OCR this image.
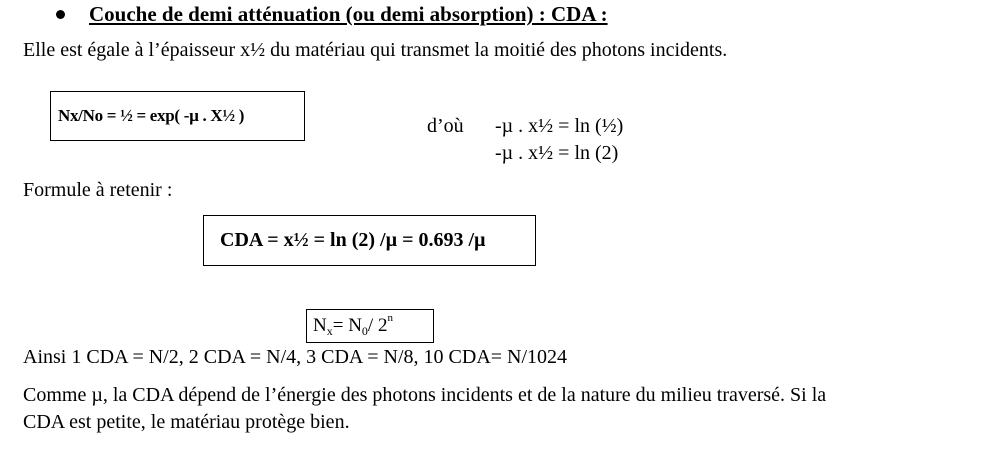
Couche de demi atténuation (ou demi absorption) : CDA :
Elle est égale à l’épaisseur x½ du matériau qui transmet la moitié des photons incidents.
Nx/No = ½ = exp( -µ . X½ )	d’où -µ . x½ = ln (½)
-µ . x½ = ln (2)
Formule à retenir :
CDA = x½ = ln (2) /µ = 0.693 /µ
N x = N 0 / 2 n
Ainsi 1 CDA = N/2, 2 CDA = N/4, 3 CDA = N/8, 10 CDA= N/1024
Comme µ, la CDA dépend de l’énergie des photons incidents et de la nature du milieu traversé. Si la
CDA est petite, le matériau protège bien.
